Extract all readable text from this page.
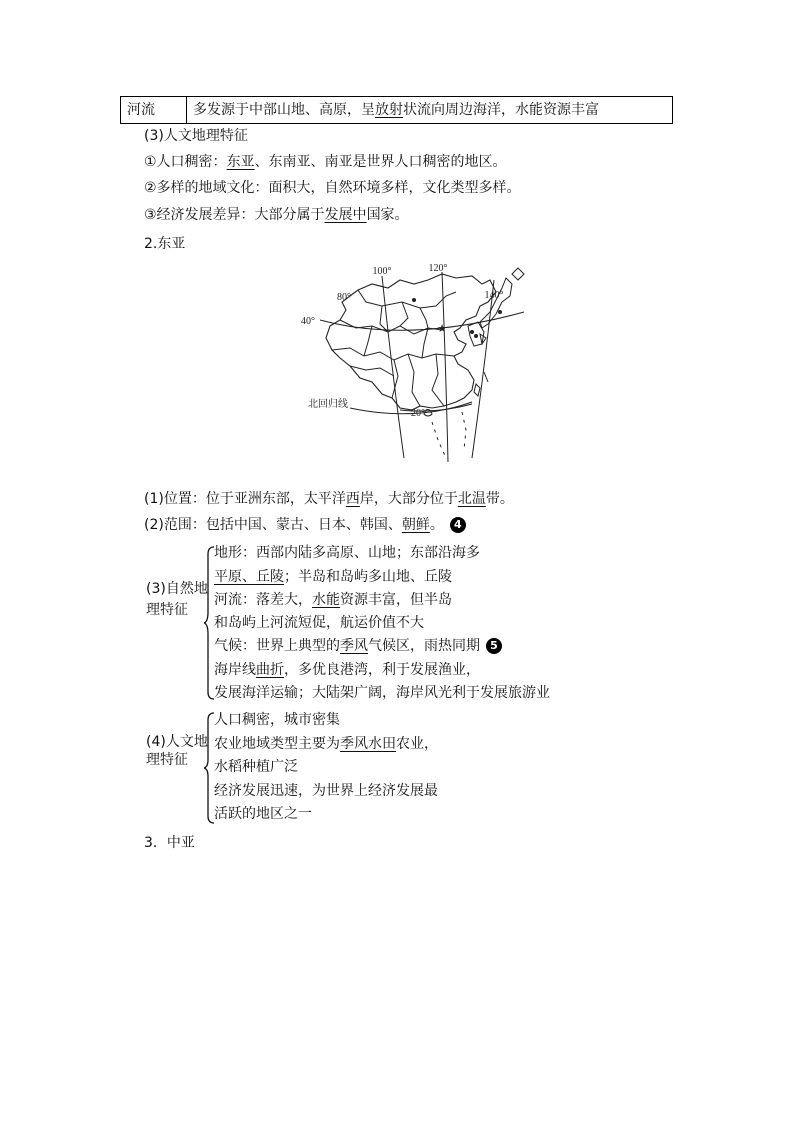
河流	多发源于中部山地、高原，呈放射状流向周边海洋，水能资源丰富
(3)人文地理特征
①人口稠密：东亚、东南亚、南亚是世界人口稠密的地区。
②多样的地域文化：面积大，自然环境多样，文化类型多样。
③经济发展差异：大部分属于发展中国家。
2.东亚
★
100°	120°
140°
80°
40°
20°
北回归线
(1)位置：位于亚洲东部，太平洋西岸，大部分位于北温带。
(2)范围：包括中国、蒙古、日本、韩国、朝鲜。 4
(3)自然地
理特征
地形：西部内陆多高原、山地；东部沿海多
平原、丘陵；半岛和岛屿多山地、丘陵
河流：落差大，水能资源丰富，但半岛
和岛屿上河流短促，航运价值不大
气候：世界上典型的季风气候区，雨热同期 5
海岸线曲折，多优良港湾，利于发展渔业，
发展海洋运输；大陆架广阔，海岸风光利于发展旅游业
(4)人文地
理特征
人口稠密，城市密集
农业地域类型主要为季风水田农业，
水稻种植广泛
经济发展迅速，为世界上经济发展最
活跃的地区之一
3．中亚
